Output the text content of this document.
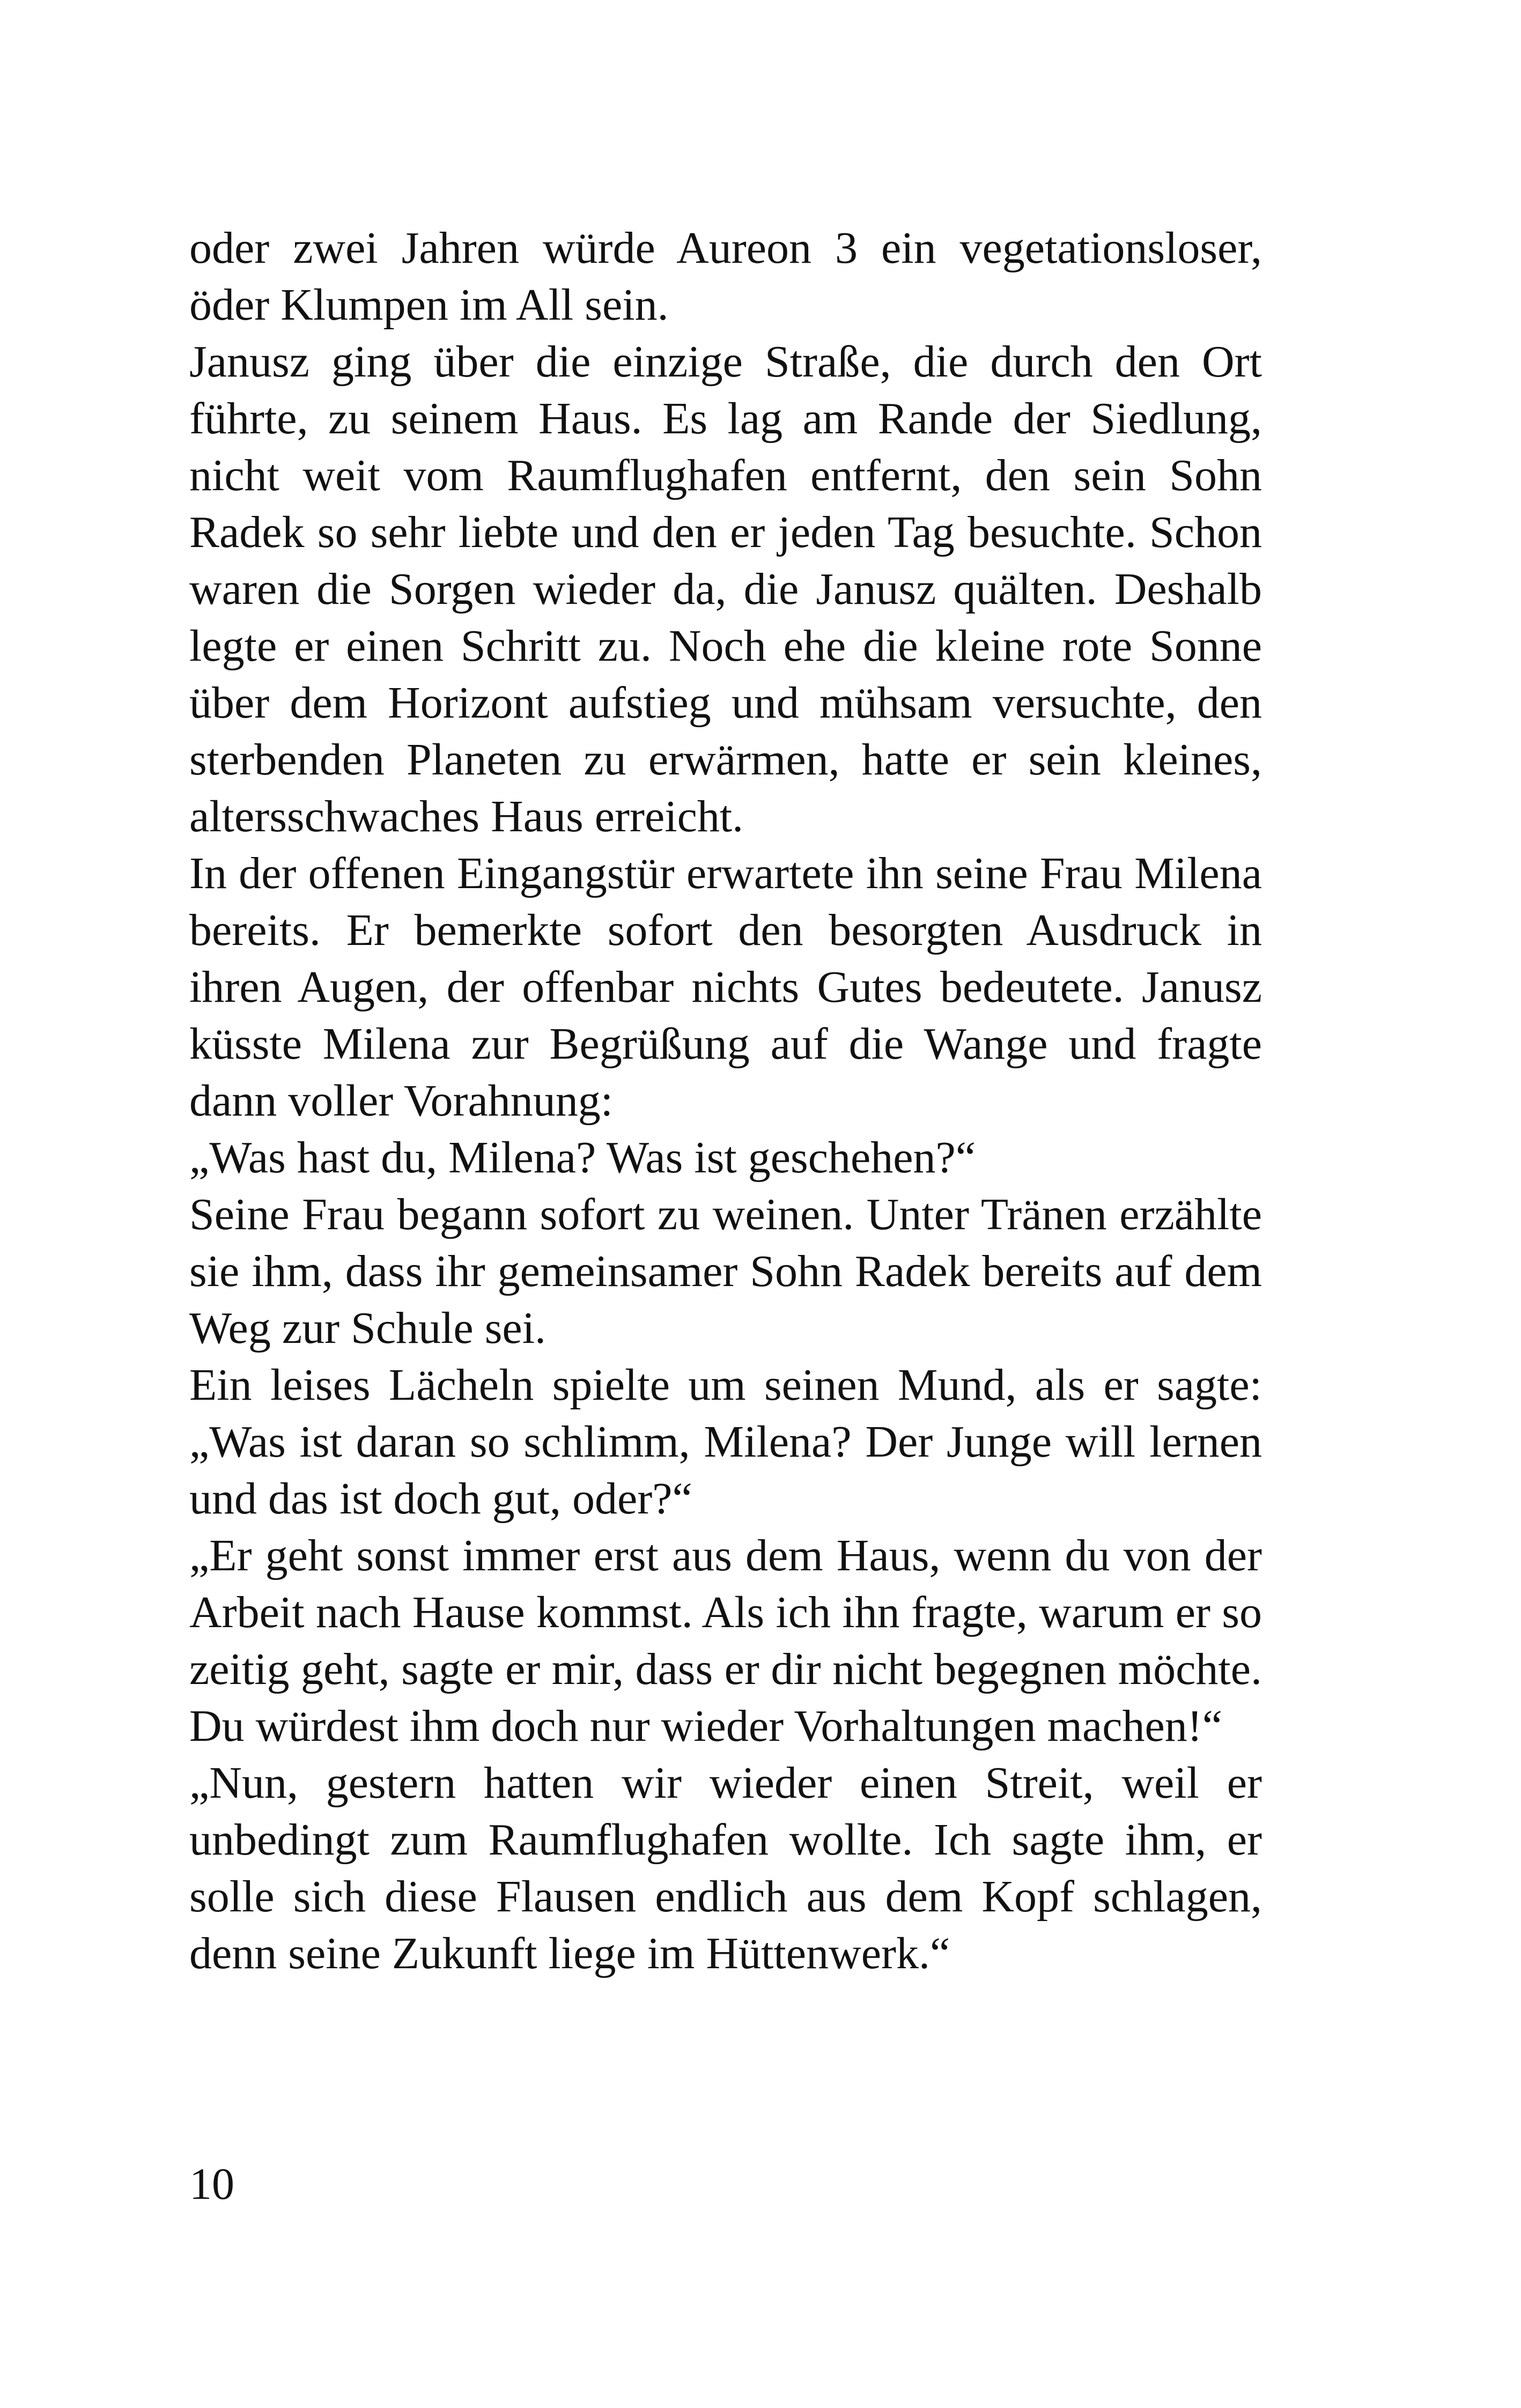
oder zwei Jahren würde Aureon 3 ein vegetationsloser, öder Klumpen im All sein.

Janusz ging über die einzige Straße, die durch den Ort führte, zu seinem Haus. Es lag am Rande der Siedlung, nicht weit vom Raumflughafen entfernt, den sein Sohn Radek so sehr liebte und den er jeden Tag besuchte. Schon waren die Sorgen wieder da, die Janusz quälten. Deshalb legte er einen Schritt zu. Noch ehe die kleine rote Sonne über dem Horizont aufstieg und mühsam versuchte, den sterbenden Planeten zu erwärmen, hatte er sein kleines, altersschwaches Haus erreicht.

In der offenen Eingangstür erwartete ihn seine Frau Milena bereits. Er bemerkte sofort den besorgten Ausdruck in ihren Augen, der offenbar nichts Gutes bedeutete. Janusz küsste Milena zur Begrüßung auf die Wange und fragte dann voller Vorahnung:

„Was hast du, Milena? Was ist geschehen?“

Seine Frau begann sofort zu weinen. Unter Tränen erzählte sie ihm, dass ihr gemeinsamer Sohn Radek bereits auf dem Weg zur Schule sei.

Ein leises Lächeln spielte um seinen Mund, als er sagte: „Was ist daran so schlimm, Milena? Der Junge will lernen und das ist doch gut, oder?“

„Er geht sonst immer erst aus dem Haus, wenn du von der Arbeit nach Hause kommst. Als ich ihn fragte, warum er so zeitig geht, sagte er mir, dass er dir nicht begegnen möchte. Du würdest ihm doch nur wieder Vorhaltungen machen!“

„Nun, gestern hatten wir wieder einen Streit, weil er unbedingt zum Raumflughafen wollte. Ich sagte ihm, er solle sich diese Flausen endlich aus dem Kopf schlagen, denn seine Zukunft liege im Hüttenwerk.“

10
